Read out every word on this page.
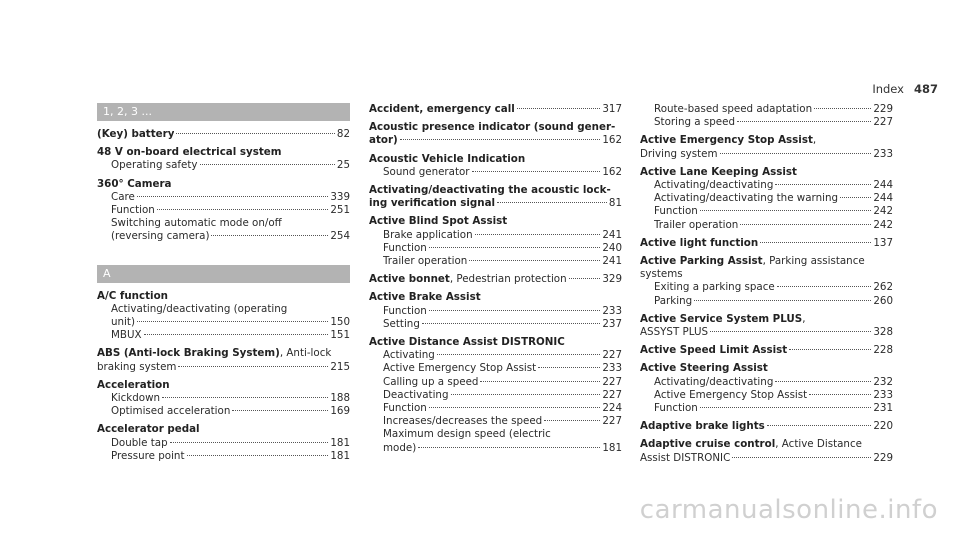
Index 487
1, 2, 3 ...
(Key) battery	82
48 V on-board electrical system
Operating safety	25
360° Camera
Care	339
Function	251
Switching automatic mode on/off
(reversing camera)	254
A
A/C function
Activating/deactivating (operating
unit)	150
MBUX	151
ABS (Anti-lock Braking System), Anti-lock
braking system	215
Acceleration
Kickdown	188
Optimised acceleration	169
Accelerator pedal
Double tap	181
Pressure point	181
Accident, emergency call	317
Acoustic presence indicator (sound gener-
ator)	162
Acoustic Vehicle Indication
Sound generator	162
Activating/deactivating the acoustic lock-
ing verification signal	81
Active Blind Spot Assist
Brake application	241
Function	240
Trailer operation	241
Active bonnet, Pedestrian protection	329
Active Brake Assist
Function	233
Setting	237
Active Distance Assist DISTRONIC
Activating	227
Active Emergency Stop Assist	233
Calling up a speed	227
Deactivating	227
Function	224
Increases/decreases the speed	227
Maximum design speed (electric
mode)	181
Route-based speed adaptation	229
Storing a speed	227
Active Emergency Stop Assist,
Driving system	233
Active Lane Keeping Assist
Activating/deactivating	244
Activating/deactivating the warning	244
Function	242
Trailer operation	242
Active light function	137
Active Parking Assist, Parking assistance systems
Exiting a parking space	262
Parking	260
Active Service System PLUS,
ASSYST PLUS	328
Active Speed Limit Assist	228
Active Steering Assist
Activating/deactivating	232
Active Emergency Stop Assist	233
Function	231
Adaptive brake lights	220
Adaptive cruise control, Active Distance
Assist DISTRONIC	229
carmanualsonline.info
